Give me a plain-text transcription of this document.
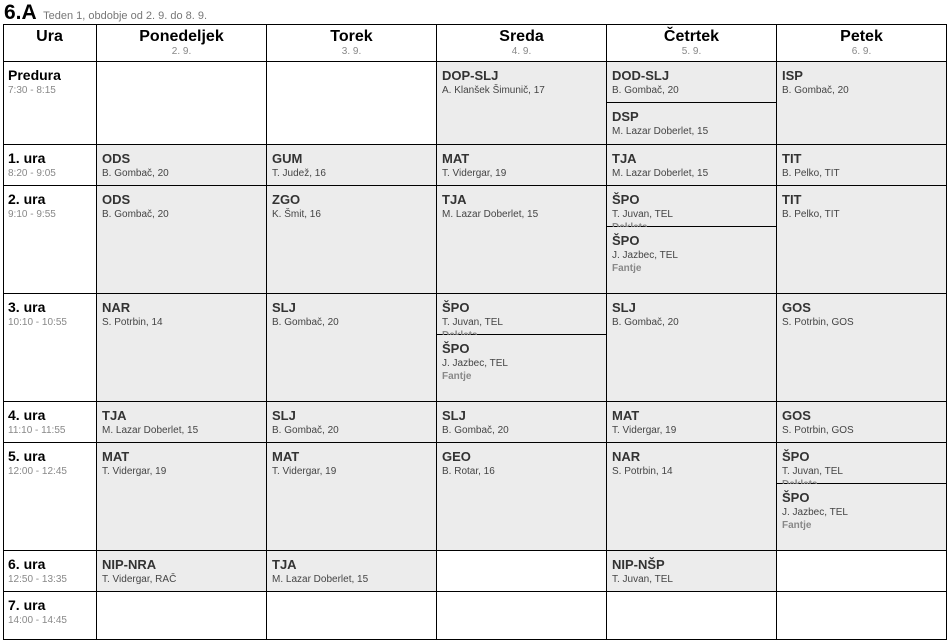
6.A Teden 1, obdobje od 2. 9. do 8. 9.
Ura	Ponedeljek
2. 9.
Torek
3. 9.
Sreda
4. 9.
Četrtek
5. 9.
Petek
6. 9.
Predura
7:30 - 8:15
DOP-SLJ
A. Klanšek Šimunič, 17
DOD-SLJ
B. Gombač, 20
DSP
M. Lazar Doberlet, 15
ISP
B. Gombač, 20
1. ura
8:20 - 9:05
ODS
B. Gombač, 20
GUM
T. Judež, 16
MAT
T. Vidergar, 19
TJA
M. Lazar Doberlet, 15
TIT
B. Pelko, TIT
2. ura
9:10 - 9:55
ODS
B. Gombač, 20
ZGO
K. Šmit, 16
TJA
M. Lazar Doberlet, 15
ŠPO
T. Juvan, TEL
ŠPO
J. Jazbec, TEL
Fantje
TIT
B. Pelko, TIT
3. ura
10:10 - 10:55
NAR
S. Potrbin, 14
SLJ
B. Gombač, 20
ŠPO
T. Juvan, TEL
ŠPO
J. Jazbec, TEL
Fantje
SLJ
B. Gombač, 20
GOS
S. Potrbin, GOS
4. ura
11:10 - 11:55
TJA
M. Lazar Doberlet, 15
SLJ
B. Gombač, 20
SLJ
B. Gombač, 20
MAT
T. Vidergar, 19
GOS
S. Potrbin, GOS
5. ura
12:00 - 12:45
MAT
T. Vidergar, 19
MAT
T. Vidergar, 19
GEO
B. Rotar, 16
NAR
S. Potrbin, 14
ŠPO
T. Juvan, TEL
ŠPO
J. Jazbec, TEL
Fantje
6. ura
12:50 - 13:35
NIP-NRA
T. Vidergar, RAČ
TJA
M. Lazar Doberlet, 15
NIP-NŠP
T. Juvan, TEL
7. ura
14:00 - 14:45
